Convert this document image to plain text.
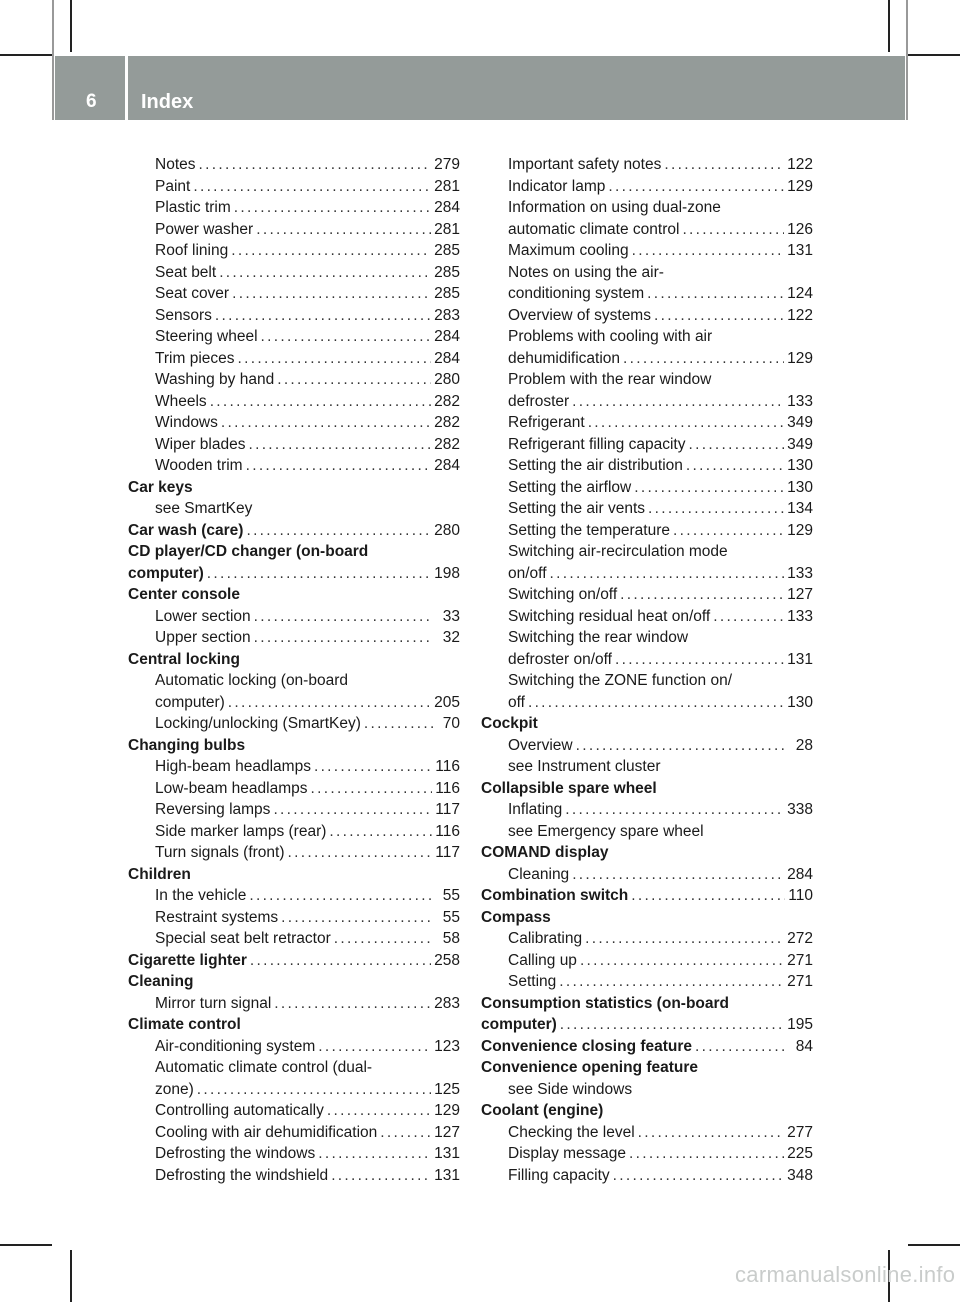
6 Index
Notes . . .	279
Paint . . .	281
Plastic trim . . .	284
Power washer . . .	281
Roof lining . . .	285
Seat belt . . .	285
Seat cover . . .	285
Sensors . . .	283
Steering wheel . . .	284
Trim pieces . . .	284
Washing by hand . . .	280
Wheels . . .	282
Windows . . .	282
Wiper blades . . .	282
Wooden trim . . .	284
Car keys
see SmartKey
Car wash (care) . . .	280
CD player/CD changer (on-board
computer) . . .	198
Center console
Lower section . . .	33
Upper section . . .	32
Central locking
Automatic locking (on-board
computer) . . .	205
Locking/unlocking (SmartKey) . . .	70
Changing bulbs
High-beam headlamps . . .	116
Low-beam headlamps . . .	116
Reversing lamps . . .	117
Side marker lamps (rear) . . .	116
Turn signals (front) . . .	117
Children
In the vehicle . . .	55
Restraint systems . . .	55
Special seat belt retractor . . .	58
Cigarette lighter . . .	258
Cleaning
Mirror turn signal . . .	283
Climate control
Air-conditioning system . . .	123
Automatic climate control (dual-
zone) . . .	125
Controlling automatically . . .	129
Cooling with air dehumidification . . .	127
Defrosting the windows . . .	131
Defrosting the windshield . . .	131
Important safety notes . . .	122
Indicator lamp . . .	129
Information on using dual-zone
automatic climate control . . .	126
Maximum cooling . . .	131
Notes on using the air-
conditioning system . . .	124
Overview of systems . . .	122
Problems with cooling with air
dehumidification . . .	129
Problem with the rear window
defroster . . .	133
Refrigerant . . .	349
Refrigerant filling capacity . . .	349
Setting the air distribution . . .	130
Setting the airflow . . .	130
Setting the air vents . . .	134
Setting the temperature . . .	129
Switching air-recirculation mode
on/off . . .	133
Switching on/off . . .	127
Switching residual heat on/off . . .	133
Switching the rear window
defroster on/off . . .	131
Switching the ZONE function on/
off . . .	130
Cockpit
Overview . . .	28
see Instrument cluster
Collapsible spare wheel
Inflating . . .	338
see Emergency spare wheel
COMAND display
Cleaning . . .	284
Combination switch . . .	110
Compass
Calibrating . . .	272
Calling up . . .	271
Setting . . .	271
Consumption statistics (on-board
computer) . . .	195
Convenience closing feature . . .	84
Convenience opening feature
see Side windows
Coolant (engine)
Checking the level . . .	277
Display message . . .	225
Filling capacity . . .	348
carmanualsonline.info
